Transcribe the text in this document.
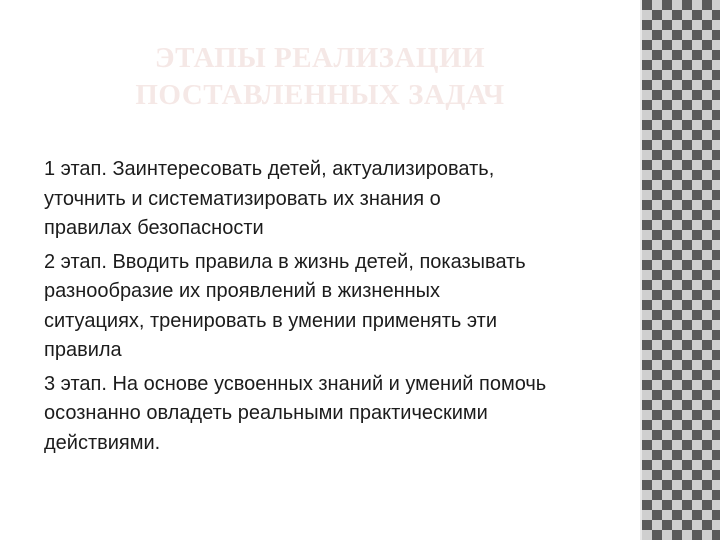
ЭТАПЫ РЕАЛИЗАЦИИ
ПОСТАВЛЕННЫХ ЗАДАЧ
1 этап. Заинтересовать детей, актуализировать,
уточнить и систематизировать их знания о
правилах безопасности
2 этап. Вводить правила в жизнь детей, показывать
разнообразие их проявлений в жизненных
ситуациях, тренировать в умении применять эти
правила
3 этап. На основе усвоенных знаний и умений помочь
осознанно овладеть реальными практическими
действиями.
